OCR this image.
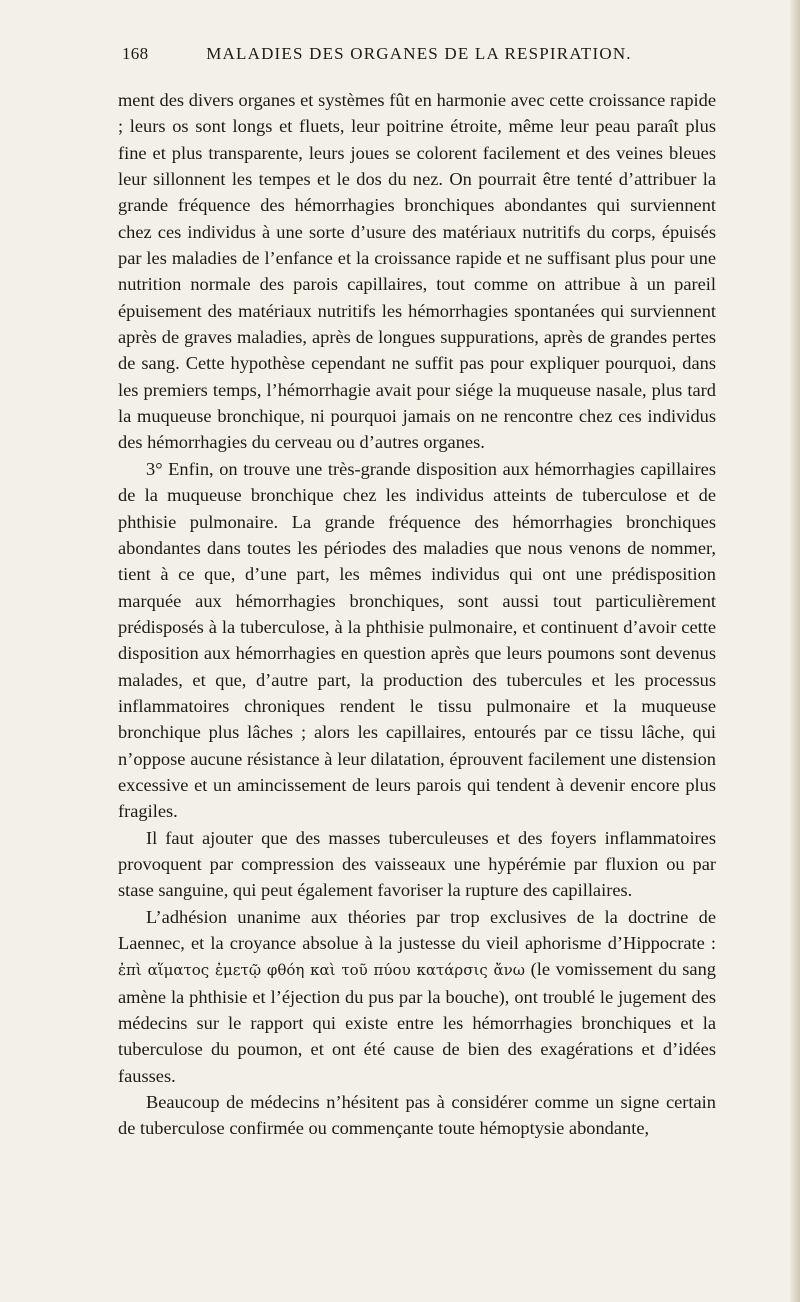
168	MALADIES DES ORGANES DE LA RESPIRATION.

ment des divers organes et systèmes fût en harmonie avec cette croissance rapide ; leurs os sont longs et fluets, leur poitrine étroite, même leur peau paraît plus fine et plus transparente, leurs joues se colorent facilement et des veines bleues leur sillonnent les tempes et le dos du nez. On pourrait être tenté d’attribuer la grande fréquence des hémorrhagies bronchiques abondantes qui surviennent chez ces individus à une sorte d’usure des matériaux nutritifs du corps, épuisés par les maladies de l’enfance et la croissance rapide et ne suffisant plus pour une nutrition normale des parois capillaires, tout comme on attribue à un pareil épuisement des matériaux nutritifs les hémorrhagies spontanées qui surviennent après de graves maladies, après de longues suppurations, après de grandes pertes de sang. Cette hypothèse cependant ne suffit pas pour expliquer pourquoi, dans les premiers temps, l’hémorrhagie avait pour siége la muqueuse nasale, plus tard la muqueuse bronchique, ni pourquoi jamais on ne rencontre chez ces individus des hémorrhagies du cerveau ou d’autres organes.

3° Enfin, on trouve une très-grande disposition aux hémorrhagies capillaires de la muqueuse bronchique chez les individus atteints de tuberculose et de phthisie pulmonaire. La grande fréquence des hémorrhagies bronchiques abondantes dans toutes les périodes des maladies que nous venons de nommer, tient à ce que, d’une part, les mêmes individus qui ont une prédisposition marquée aux hémorrhagies bronchiques, sont aussi tout particulièrement prédisposés à la tuberculose, à la phthisie pulmonaire, et continuent d’avoir cette disposition aux hémorrhagies en question après que leurs poumons sont devenus malades, et que, d’autre part, la production des tubercules et les processus inflammatoires chroniques rendent le tissu pulmonaire et la muqueuse bronchique plus lâches ; alors les capillaires, entourés par ce tissu lâche, qui n’oppose aucune résistance à leur dilatation, éprouvent facilement une distension excessive et un amincissement de leurs parois qui tendent à devenir encore plus fragiles.

Il faut ajouter que des masses tuberculeuses et des foyers inflammatoires provoquent par compression des vaisseaux une hypérémie par fluxion ou par stase sanguine, qui peut également favoriser la rupture des capillaires.

L’adhésion unanime aux théories par trop exclusives de la doctrine de Laennec, et la croyance absolue à la justesse du vieil aphorisme d’Hippocrate : ἐπὶ αἵματος ἐμετῷ φθόη καὶ τοῦ πύου κατάρσις ἄνω (le vomissement du sang amène la phthisie et l’éjection du pus par la bouche), ont troublé le jugement des médecins sur le rapport qui existe entre les hémorrhagies bronchiques et la tuberculose du poumon, et ont été cause de bien des exagérations et d’idées fausses.

Beaucoup de médecins n’hésitent pas à considérer comme un signe certain de tuberculose confirmée ou commençante toute hémoptysie abondante,
